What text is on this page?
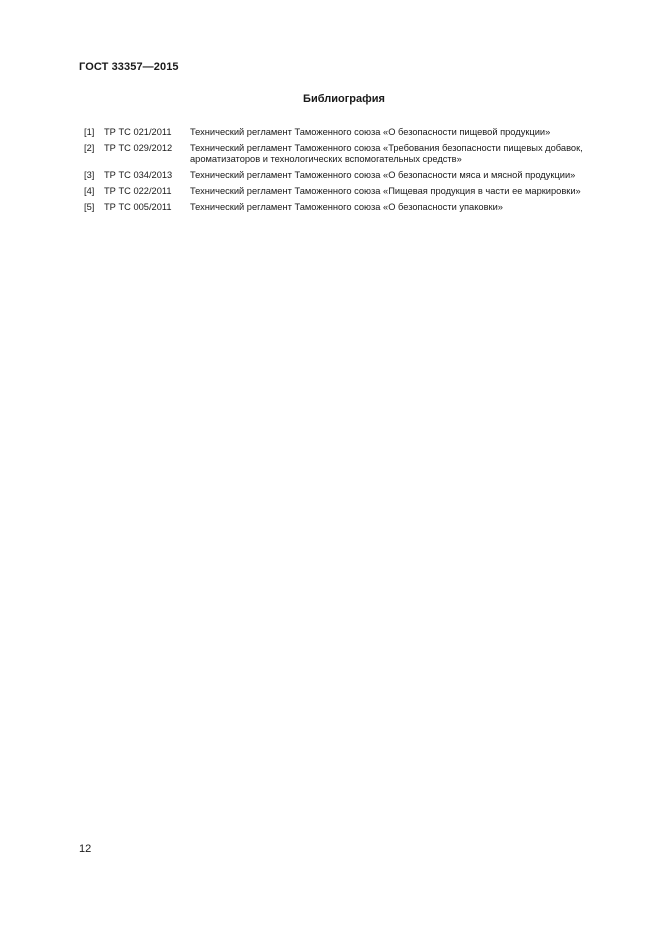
ГОСТ 33357—2015
Библиография
[1]	ТР ТС 021/2011	Технический регламент Таможенного союза «О безопасности пищевой продукции»
[2]	ТР ТС 029/2012	Технический регламент Таможенного союза «Требования безопасности пищевых добавок,
ароматизаторов и технологических вспомогательных средств»
[3]	ТР ТС 034/2013	Технический регламент Таможенного союза «О безопасности мяса и мясной продукции»
[4]	ТР ТС 022/2011	Технический регламент Таможенного союза «Пищевая продукция в части ее маркировки»
[5]	ТР ТС 005/2011	Технический регламент Таможенного союза «О безопасности упаковки»
12
